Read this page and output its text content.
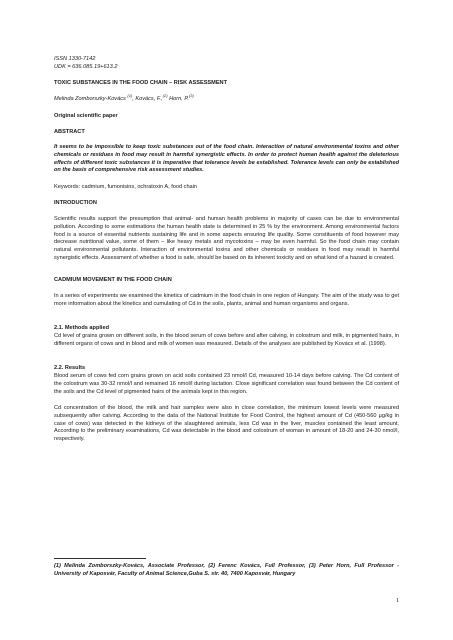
ISSN 1330-7142

UDK = 636.085.19+613.2

TOXIC SUBSTANCES IN THE FOOD CHAIN – RISK ASSESSMENT

Melinda Zomborszky-Kovács $^{(1)}$, Kovács, F.,$^{(2)}$ Horn, P.$^{(3)}$

Original scientific paper

ABSTRACT

It seems to be impossible to keep toxic substances out of the food chain. Interaction of natural environmental toxins and other chemicals or residues in food may result in harmful synergistic effects. In order to protect human health against the deleterious effects of different toxic substances it is imperative that tolerance levels be established. Tolerance levels can only be established on the basis of comprehensive risk assessment studies.

Keywords: cadmium, fumonisins, ochratoxin A, food chain

INTRODUCTION

Scientific results support the presumption that animal- and human health problems in majority of cases can be due to environmental pollution. According to some estimations the human health state is determined in 25 % by the environment. Among environmental factors food is a source of essential nutrients sustaining life and in some aspects ensuring life quality. Some constituents of food however may decrease nutritional value, some of them – like heavy metals and mycotoxins – may be even harmful. So the food chain may contain natural environmental pollutants. Interaction of environmental toxins and other chemicals or residues in food may result in harmful synergistic effects. Assessment of whether a food is safe, should be based on its inherent toxicity and on what kind of a hazard is created.

CADMIUM MOVEMENT IN THE FOOD CHAIN

In a series of experiments we examined the kinetics of cadmium in the food chain in one region of Hungary. The aim of the study was to get more information about the kinetics and cumulating of Cd in the soils, plants, animal and human organisms and organs.

2.1. Methods applied

Cd level of grains grown on different soils, in the blood serum of cows before and after calving, in colostrum and milk, in pigmented hairs, in different organs of cows and in blood and milk of women was measured. Details of the analyses are published by Kovács et al. (1998).

2.2. Results

Blood serum of cows fed corn grains grown on acid soils contained 23 nmol/l Cd, measured 10-14 days before calving. The Cd content of the colostrum was 30-32 nmol/l and remained 16 nmol/l during lactation. Close significant correlation was found between the Cd content of the soils and the Cd level of pigmented hairs of the animals kept in this region.

Cd concentration of the blood, the milk and hair samples were also in close correlation, the minimum lowest levels were measured subsequently after calving. According to the data of the National Institute for Food Control, the highest amount of Cd (450-560 µg/kg in case of cows) was detected in the kidneys of the slaughtered animals, less Cd was in the liver, muscles contained the least amount. According to the preliminary examinations, Cd was detectable in the blood and colostrum of woman in amount of 18-20 and 24-30 nmol/l, respectively.

(1) Melinda Zomborszky-Kovács, Associate Professor, (2) Ferenc Kovács, Full Professor, (3) Peter Horn, Full Professor - University of Kaposvár, Faculty of Animal Science,Guba S. str. 40, 7400 Kaposvár, Hungary

1
